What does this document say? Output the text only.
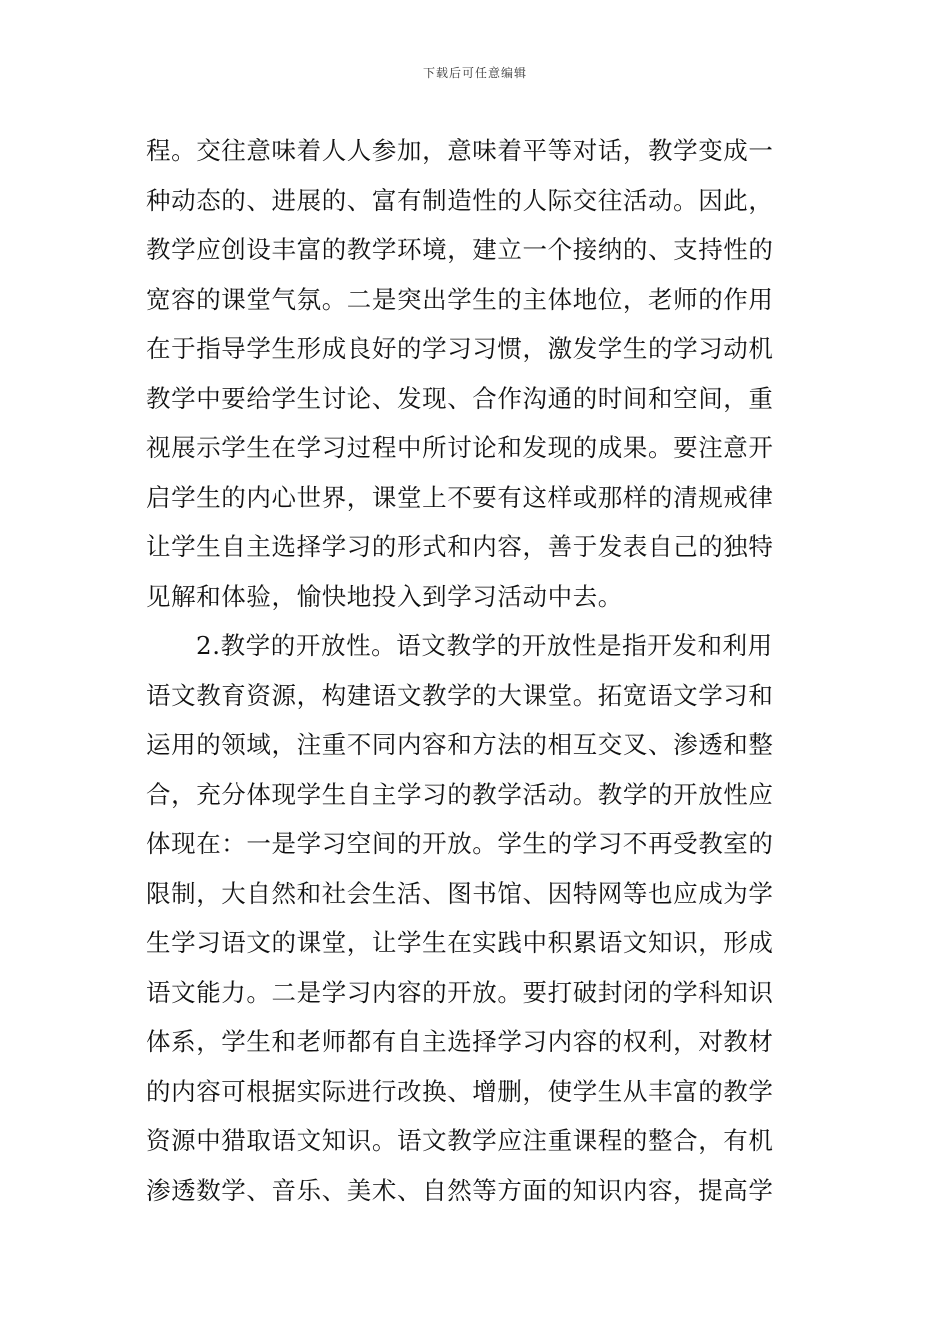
下载后可任意编辑
程。交往意味着人人参加，意味着平等对话，教学变成一
种动态的、进展的、富有制造性的人际交往活动。因此，
教学应创设丰富的教学环境，建立一个接纳的、支持性的
宽容的课堂气氛。二是突出学生的主体地位，老师的作用
在于指导学生形成良好的学习习惯，激发学生的学习动机
教学中要给学生讨论、发现、合作沟通的时间和空间，重
视展示学生在学习过程中所讨论和发现的成果。要注意开
启学生的内心世界，课堂上不要有这样或那样的清规戒律
让学生自主选择学习的形式和内容，善于发表自己的独特
见解和体验，愉快地投入到学习活动中去。
2.教学的开放性。语文教学的开放性是指开发和利用
语文教育资源，构建语文教学的大课堂。拓宽语文学习和
运用的领域，注重不同内容和方法的相互交叉、渗透和整
合，充分体现学生自主学习的教学活动。教学的开放性应
体现在：一是学习空间的开放。学生的学习不再受教室的
限制，大自然和社会生活、图书馆、因特网等也应成为学
生学习语文的课堂，让学生在实践中积累语文知识，形成
语文能力。二是学习内容的开放。要打破封闭的学科知识
体系，学生和老师都有自主选择学习内容的权利，对教材
的内容可根据实际进行改换、增删，使学生从丰富的教学
资源中猎取语文知识。语文教学应注重课程的整合，有机
渗透数学、音乐、美术、自然等方面的知识内容，提高学
